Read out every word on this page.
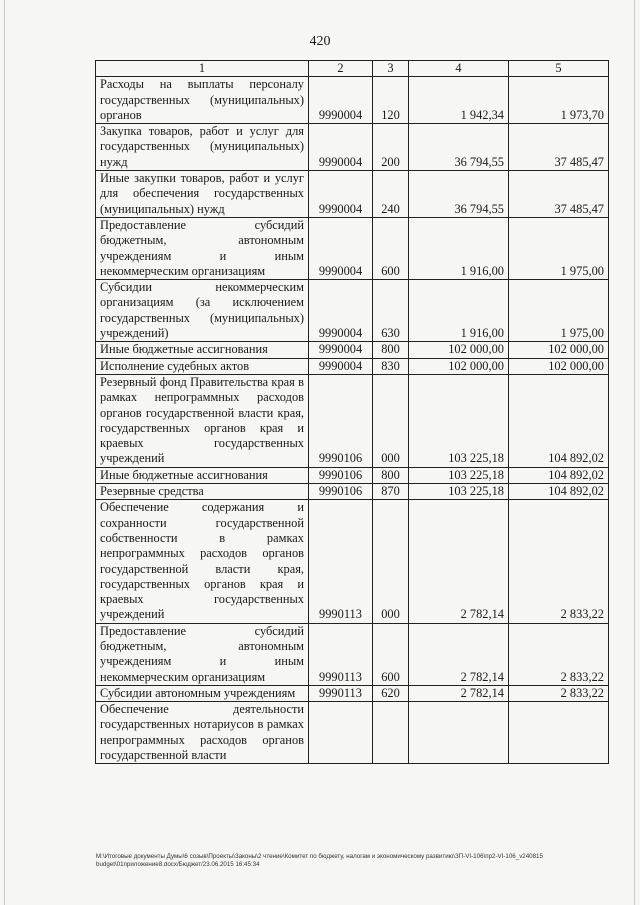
420
1	2	3	4	5
Расходы на выплаты персоналу государственных (муниципальных) органов	9990004	120	1 942,34	1 973,70
Закупка товаров, работ и услуг для государственных (муниципальных) нужд	9990004	200	36 794,55	37 485,47
Иные закупки товаров, работ и услуг для обеспечения государственных (муниципальных) нужд	9990004	240	36 794,55	37 485,47
Предоставление субсидий бюджетным, автономным учреждениям и иным некоммерческим организациям	9990004	600	1 916,00	1 975,00
Субсидии некоммерческим организациям (за исключением государственных (муниципальных) учреждений)	9990004	630	1 916,00	1 975,00
Иные бюджетные ассигнования	9990004	800	102 000,00	102 000,00
Исполнение судебных актов	9990004	830	102 000,00	102 000,00
Резервный фонд Правительства края в рамках непрограммных расходов органов государственной власти края, государственных органов края и краевых государственных учреждений	9990106	000	103 225,18	104 892,02
Иные бюджетные ассигнования	9990106	800	103 225,18	104 892,02
Резервные средства	9990106	870	103 225,18	104 892,02
Обеспечение содержания и сохранности государственной собственности в рамках непрограммных расходов органов государственной власти края, государственных органов края и краевых государственных учреждений	9990113	000	2 782,14	2 833,22
Предоставление субсидий бюджетным, автономным учреждениям и иным некоммерческим организациям	9990113	600	2 782,14	2 833,22
Субсидии автономным учреждениям	9990113	620	2 782,14	2 833,22
Обеспечение деятельности государственных нотариусов в рамках непрограммных расходов органов государственной власти				
M:\Итоговые документы Думы\6 созыв\Проекты\Законы\2 чтение\Комитет по бюджету, налогам и экономическому развитию\ЗП-VI-106\пр2-VI-106_v240815 budget\01приложение8.docx/Бюджет/23.06.2015 16:45:34
